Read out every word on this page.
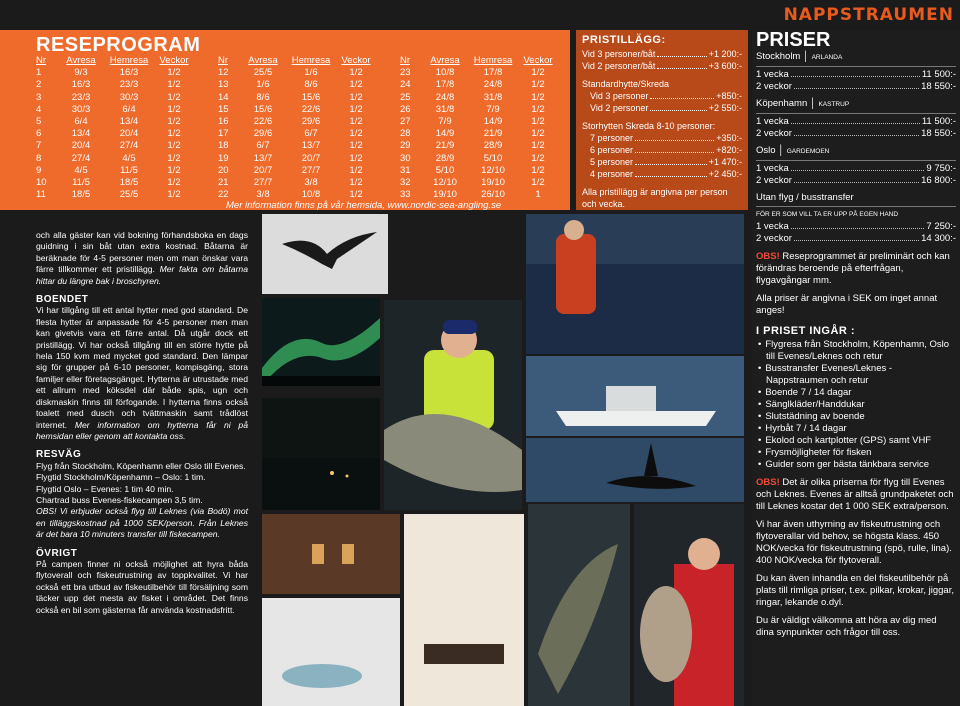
NAPPSTRAUMEN
RESEPROGRAM
Nr	Avresa	Hemresa	Veckor
1	9/3	16/3	1/2
2	16/3	23/3	1/2
3	23/3	30/3	1/2
4	30/3	6/4	1/2
5	6/4	13/4	1/2
6	13/4	20/4	1/2
7	20/4	27/4	1/2
8	27/4	4/5	1/2
9	4/5	11/5	1/2
10	11/5	18/5	1/2
11	18/5	25/5	1/2
Nr	Avresa	Hemresa	Veckor
12	25/5	1/6	1/2
13	1/6	8/6	1/2
14	8/6	15/6	1/2
15	15/6	22/6	1/2
16	22/6	29/6	1/2
17	29/6	6/7	1/2
18	6/7	13/7	1/2
19	13/7	20/7	1/2
20	20/7	27/7	1/2
21	27/7	3/8	1/2
22	3/8	10/8	1/2
Nr	Avresa	Hemresa	Veckor
23	10/8	17/8	1/2
24	17/8	24/8	1/2
25	24/8	31/8	1/2
26	31/8	7/9	1/2
27	7/9	14/9	1/2
28	14/9	21/9	1/2
29	21/9	28/9	1/2
30	28/9	5/10	1/2
31	5/10	12/10	1/2
32	12/10	19/10	1/2
33	19/10	26/10	1
Mer information finns på vår hemsida, www.nordic-sea-angling.se
PRISTILLÄGG:
Vid 3 personer/båt	+1 200:-
Vid 2 personer/båt	+3 600:-
Standardhytte/Skreda
Vid 3 personer	+850:-
Vid 2 personer	+2 550:-
Storhytten Skreda 8-10 personer:
7 personer	+350:-
6 personer	+820:-
5 personer	+1 470:-
4 personer	+2 450:-
Alla pristillägg är angivna per person och vecka.
PRISER
Stockholm │ ARLANDA
1 vecka	11 500:-
2 veckor	18 550:-
Köpenhamn │ KASTRUP
1 vecka	11 500:-
2 veckor	18 550:-
Oslo │ GARDEMOEN
1 vecka	9 750:-
2 veckor	16 800:-
Utan flyg / busstransfer
FÖR ER SOM VILL TA ER UPP PÅ EGEN HAND
1 vecka	7 250:-
2 veckor	14 300:-

OBS! Reseprogrammet är preliminärt och kan förändras beroende på efterfrågan, flygavgångar mm.

Alla priser är angivna i SEK om inget annat anges!

I PRISET INGÅR :
• Flygresa från Stockholm, Köpenhamn, Oslo till Evenes/Leknes och retur
• Busstransfer Evenes/Leknes - Nappstraumen och retur
• Boende 7 / 14 dagar
• Sänglkläder/Handdukar
• Slutstädning av boende
• Hyrbåt 7 / 14 dagar
• Ekolod och kartplotter (GPS) samt VHF
• Frysmöjligheter för fisken
• Guider som ger bästa tänkbara service

OBS! Det är olika priserna för flyg till Evenes och Leknes. Evenes är alltså grundpaketet och till Leknes kostar det 1 000 SEK extra/person.

Vi har även uthyrning av fiskeutrustning och flytoverallar vid behov, se högsta klass. 450 NOK/vecka för fiskeutrustning (spö, rulle, lina). 400 NOK/vecka för flytoverall.

Du kan även inhandla en del fiskeutilbehör på plats till rimliga priser, t.ex. pilkar, krokar, jiggar, ringar, lekande o.dyl.

Du är väldigt välkomna att höra av dig med dina synpunkter och frågor till oss.

och alla gäster kan vid bokning förhandsboka en dags guidning i sin båt utan extra kostnad. Båtarna är beräknade för 4-5 personer men om man önskar vara färre tillkommer ett pristillägg. Mer fakta om båtarna hittar du längre bak i broschyren.

BOENDET

Vi har tillgång till ett antal hytter med god standard. De flesta hytter är anpassade för 4-5 personer men man kan givetvis vara ett färre antal. Då utgår dock ett pristillägg. Vi har också tillgång till en större hytte på hela 150 kvm med mycket god standard. Den lämpar sig för grupper på 6-10 personer, kompisgäng, stora familjer eller företagsgänget. Hytterna är utrustade med ett allrum med köksdel där både spis, ugn och diskmaskin finns till förfogande. I hytterna finns också toalett med dusch och tvättmaskin samt trådlöst internet. Mer information om hytterna får ni på hemsidan eller genom att kontakta oss.

RESVÄG
Flyg från Stockholm, Köpenhamn eller Oslo till Evenes.
Flygtid Stockholm/Köpenhamn – Oslo: 1 tim.
Flygtid Oslo – Evenes: 1 tim 40 min.
Chartrad buss Evenes-fiskecampen 3,5 tim.

OBS! Vi erbjuder också flyg till Leknes (via Bodö) mot en tilläggskostnad på 1000 SEK/person. Från Leknes är det bara 10 minuters transfer till fiskecampen.

ÖVRIGT

På campen finner ni också möjlighet att hyra båda flytoverall och fiskeutrustning av toppkvalitet. Vi har också ett bra utbud av fiskeutilbehör till försäljning som täcker upp det mesta av fisket i området. Det finns också en bil som gästerna får använda kostnadsfritt.
